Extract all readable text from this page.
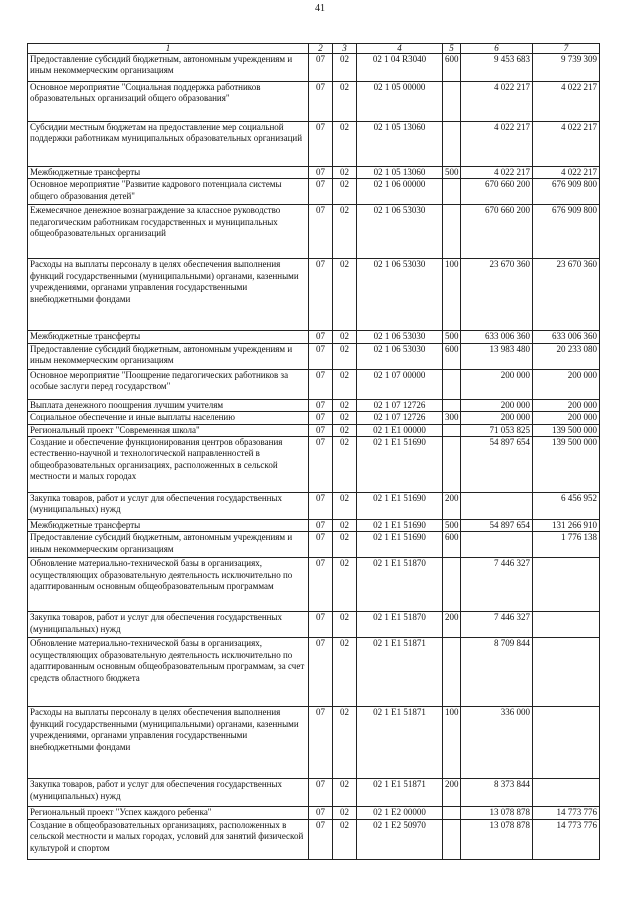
41
1	2	3	4	5	6	7
Предоставление субсидий бюджетным, автономным учреждениям и иным некоммерческим организациям	07	02	02 1 04 R3040	600	9 453 683	9 739 309
Основное мероприятие "Социальная поддержка работников образовательных организаций общего образования"	07	02	02 1 05 00000		4 022 217	4 022 217
Субсидии местным бюджетам на предоставление мер социальной поддержки работникам муниципальных образовательных организаций	07	02	02 1 05 13060		4 022 217	4 022 217
Межбюджетные трансферты	07	02	02 1 05 13060	500	4 022 217	4 022 217
Основное мероприятие "Развитие кадрового потенциала системы общего образования детей"	07	02	02 1 06 00000		670 660 200	676 909 800
Ежемесячное денежное вознаграждение за классное руководство педагогическим работникам государственных и муниципальных общеобразовательных организаций	07	02	02 1 06 53030		670 660 200	676 909 800
Расходы на выплаты персоналу в целях обеспечения выполнения функций государственными (муниципальными) органами, казенными учреждениями, органами управления государственными внебюджетными фондами	07	02	02 1 06 53030	100	23 670 360	23 670 360
Межбюджетные трансферты	07	02	02 1 06 53030	500	633 006 360	633 006 360
Предоставление субсидий бюджетным, автономным учреждениям и иным некоммерческим организациям	07	02	02 1 06 53030	600	13 983 480	20 233 080
Основное мероприятие "Поощрение педагогических работников за особые заслуги перед государством"	07	02	02 1 07 00000		200 000	200 000
Выплата денежного поощрения лучшим учителям	07	02	02 1 07 12726		200 000	200 000
Социальное обеспечение и иные выплаты населению	07	02	02 1 07 12726	300	200 000	200 000
Региональный проект "Современная школа"	07	02	02 1 E1 00000		71 053 825	139 500 000
Создание и обеспечение функционирования центров образования естественно-научной и технологической направленностей в общеобразовательных организациях, расположенных в сельской местности и малых городах	07	02	02 1 E1 51690		54 897 654	139 500 000
Закупка товаров, работ и услуг для обеспечения государственных (муниципальных) нужд	07	02	02 1 E1 51690	200		6 456 952
Межбюджетные трансферты	07	02	02 1 E1 51690	500	54 897 654	131 266 910
Предоставление субсидий бюджетным, автономным учреждениям и иным некоммерческим организациям	07	02	02 1 E1 51690	600		1 776 138
Обновление материально-технической базы в организациях, осуществляющих образовательную деятельность исключительно по адаптированным основным общеобразовательным программам	07	02	02 1 E1 51870		7 446 327	
Закупка товаров, работ и услуг для обеспечения государственных (муниципальных) нужд	07	02	02 1 E1 51870	200	7 446 327	
Обновление материально-технической базы в организациях, осуществляющих образовательную деятельность исключительно по адаптированным основным общеобразовательным программам, за счет средств областного бюджета	07	02	02 1 E1 51871		8 709 844	
Расходы на выплаты персоналу в целях обеспечения выполнения функций государственными (муниципальными) органами, казенными учреждениями, органами управления государственными внебюджетными фондами	07	02	02 1 E1 51871	100	336 000	
Закупка товаров, работ и услуг для обеспечения государственных (муниципальных) нужд	07	02	02 1 E1 51871	200	8 373 844	
Региональный проект "Успех каждого ребенка"	07	02	02 1 E2 00000		13 078 878	14 773 776
Создание в общеобразовательных организациях, расположенных в сельской местности и малых городах, условий для занятий физической культурой и спортом	07	02	02 1 E2 50970		13 078 878	14 773 776
